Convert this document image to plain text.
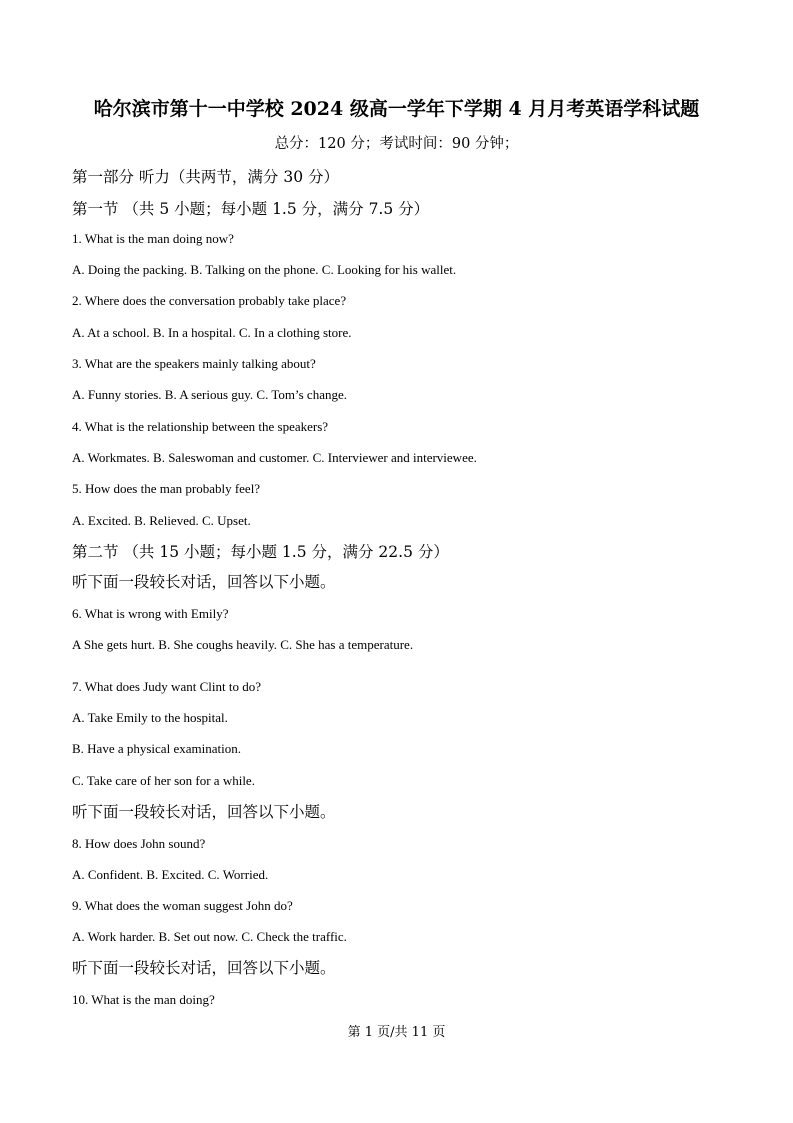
哈尔滨市第十一中学校 2024 级高一学年下学期 4 月月考英语学科试题
总分：120 分；考试时间：90 分钟；
第一部分 听力（共两节，满分 30 分）
第一节 （共 5 小题；每小题 1.5 分，满分 7.5 分）
1. What is the man doing now?
A. Doing the packing. B. Talking on the phone. C. Looking for his wallet.
2. Where does the conversation probably take place?
A. At a school. B. In a hospital. C. In a clothing store.
3. What are the speakers mainly talking about?
A. Funny stories. B. A serious guy. C. Tom’s change.
4. What is the relationship between the speakers?
A. Workmates. B. Saleswoman and customer. C. Interviewer and interviewee.
5. How does the man probably feel?
A. Excited. B. Relieved. C. Upset.
第二节 （共 15 小题；每小题 1.5 分，满分 22.5 分）
听下面一段较长对话，回答以下小题。
6. What is wrong with Emily?
A She gets hurt. B. She coughs heavily. C. She has a temperature.
7. What does Judy want Clint to do?
A. Take Emily to the hospital.
B. Have a physical examination.
C. Take care of her son for a while.
听下面一段较长对话，回答以下小题。
8. How does John sound?
A. Confident. B. Excited. C. Worried.
9. What does the woman suggest John do?
A. Work harder. B. Set out now. C. Check the traffic.
听下面一段较长对话，回答以下小题。
10. What is the man doing?
第 1 页/共 11 页
